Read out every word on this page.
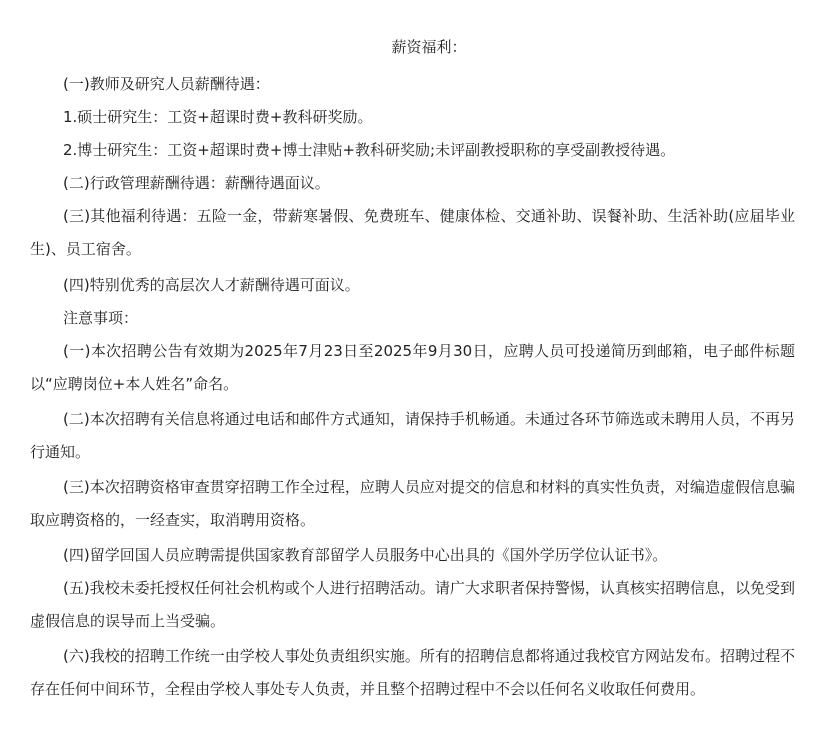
薪资福利：

(一)教师及研究人员薪酬待遇：

1.硕士研究生：工资+超课时费+教科研奖励。

2.博士研究生：工资+超课时费+博士津贴+教科研奖励;未评副教授职称的享受副教授待遇。

(二)行政管理薪酬待遇：薪酬待遇面议。

(三)其他福利待遇：五险一金，带薪寒暑假、免费班车、健康体检、交通补助、误餐补助、生活补助(应届毕业生)、员工宿舍。

(四)特别优秀的高层次人才薪酬待遇可面议。

注意事项：

(一)本次招聘公告有效期为2025年7月23日至2025年9月30日，应聘人员可投递简历到邮箱，电子邮件标题以“应聘岗位+本人姓名”命名。

(二)本次招聘有关信息将通过电话和邮件方式通知，请保持手机畅通。未通过各环节筛选或未聘用人员，不再另行通知。

(三)本次招聘资格审查贯穿招聘工作全过程，应聘人员应对提交的信息和材料的真实性负责，对编造虚假信息骗取应聘资格的，一经查实，取消聘用资格。

(四)留学回国人员应聘需提供国家教育部留学人员服务中心出具的《国外学历学位认证书》。

(五)我校未委托授权任何社会机构或个人进行招聘活动。请广大求职者保持警惕，认真核实招聘信息，以免受到虚假信息的误导而上当受骗。

(六)我校的招聘工作统一由学校人事处负责组织实施。所有的招聘信息都将通过我校官方网站发布。招聘过程不存在任何中间环节，全程由学校人事处专人负责，并且整个招聘过程中不会以任何名义收取任何费用。
